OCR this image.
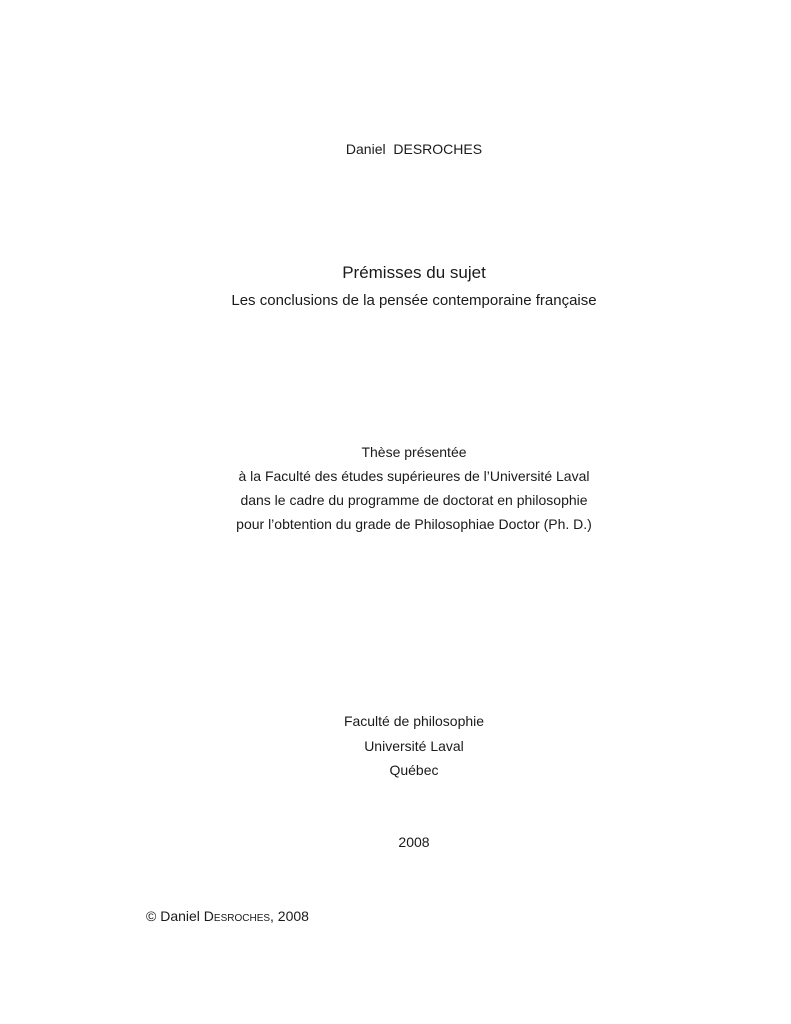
Daniel DESROCHES
Prémisses du sujet
Les conclusions de la pensée contemporaine française
Thèse présentée
à la Faculté des études supérieures de l’Université Laval
dans le cadre du programme de doctorat en philosophie
pour l’obtention du grade de Philosophiae Doctor (Ph. D.)
Faculté de philosophie
Université Laval
Québec
2008
© Daniel Desroches, 2008
